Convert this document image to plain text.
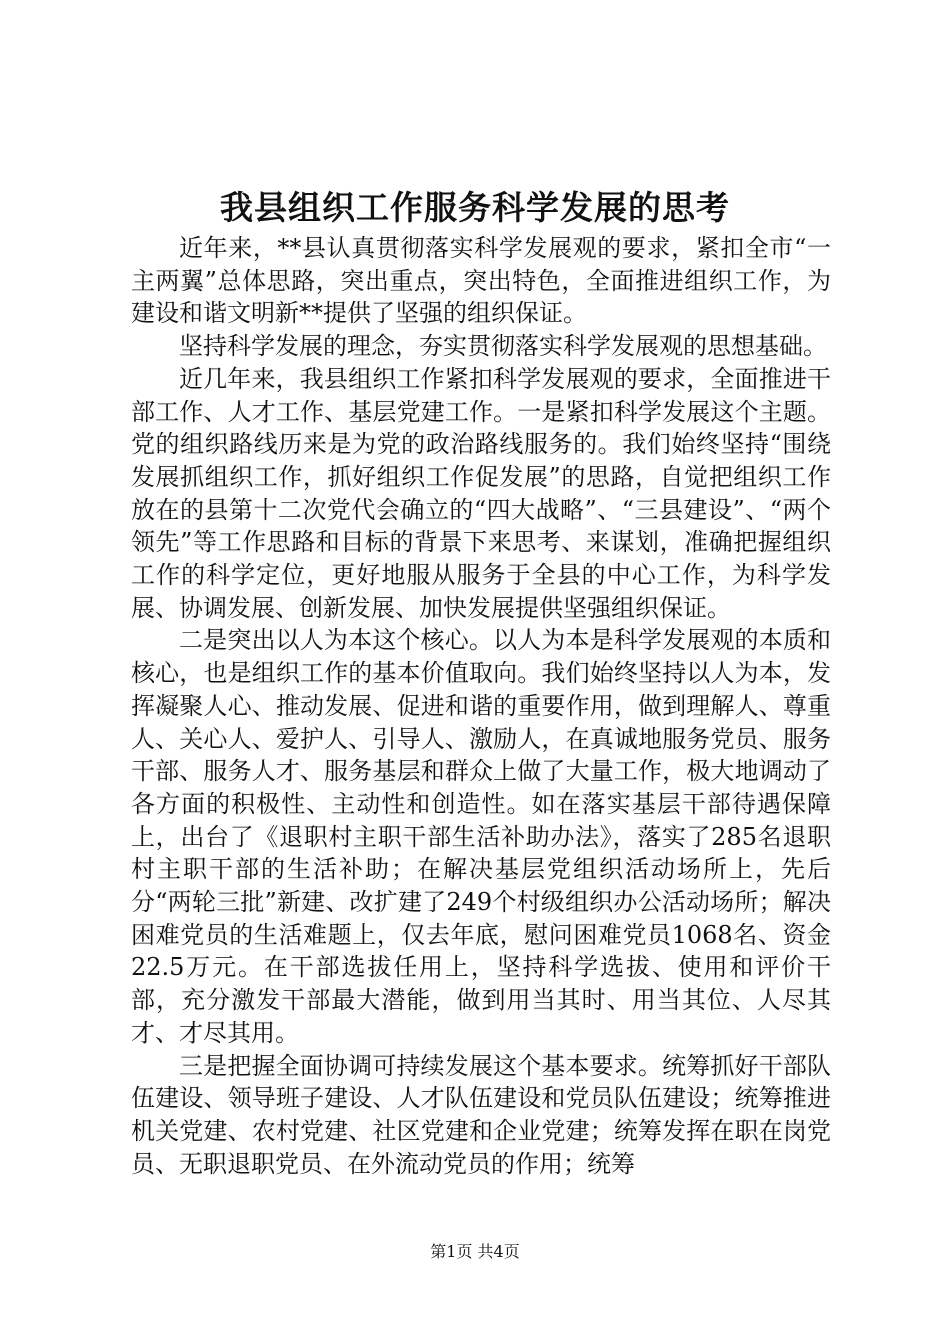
我县组织工作服务科学发展的思考

近年来，**县认真贯彻落实科学发展观的要求，紧扣全市“一主两翼”总体思路，突出重点，突出特色，全面推进组织工作，为建设和谐文明新**提供了坚强的组织保证。

坚持科学发展的理念，夯实贯彻落实科学发展观的思想基础。

近几年来，我县组织工作紧扣科学发展观的要求，全面推进干部工作、人才工作、基层党建工作。一是紧扣科学发展这个主题。党的组织路线历来是为党的政治路线服务的。我们始终坚持“围绕发展抓组织工作，抓好组织工作促发展”的思路，自觉把组织工作放在的县第十二次党代会确立的“四大战略”、“三县建设”、“两个领先”等工作思路和目标的背景下来思考、来谋划，准确把握组织工作的科学定位，更好地服从服务于全县的中心工作，为科学发展、协调发展、创新发展、加快发展提供坚强组织保证。

二是突出以人为本这个核心。以人为本是科学发展观的本质和核心，也是组织工作的基本价值取向。我们始终坚持以人为本，发挥凝聚人心、推动发展、促进和谐的重要作用，做到理解人、尊重人、关心人、爱护人、引导人、激励人，在真诚地服务党员、服务干部、服务人才、服务基层和群众上做了大量工作，极大地调动了各方面的积极性、主动性和创造性。如在落实基层干部待遇保障上，出台了《退职村主职干部生活补助办法》，落实了285名退职村主职干部的生活补助；在解决基层党组织活动场所上，先后分“两轮三批”新建、改扩建了249个村级组织办公活动场所；解决困难党员的生活难题上，仅去年底，慰问困难党员1068名、资金22.5万元。在干部选拔任用上，坚持科学选拔、使用和评价干部，充分激发干部最大潜能，做到用当其时、用当其位、人尽其才、才尽其用。

三是把握全面协调可持续发展这个基本要求。统筹抓好干部队伍建设、领导班子建设、人才队伍建设和党员队伍建设；统筹推进机关党建、农村党建、社区党建和企业党建；统筹发挥在职在岗党员、无职退职党员、在外流动党员的作用；统筹

第1页 共4页
